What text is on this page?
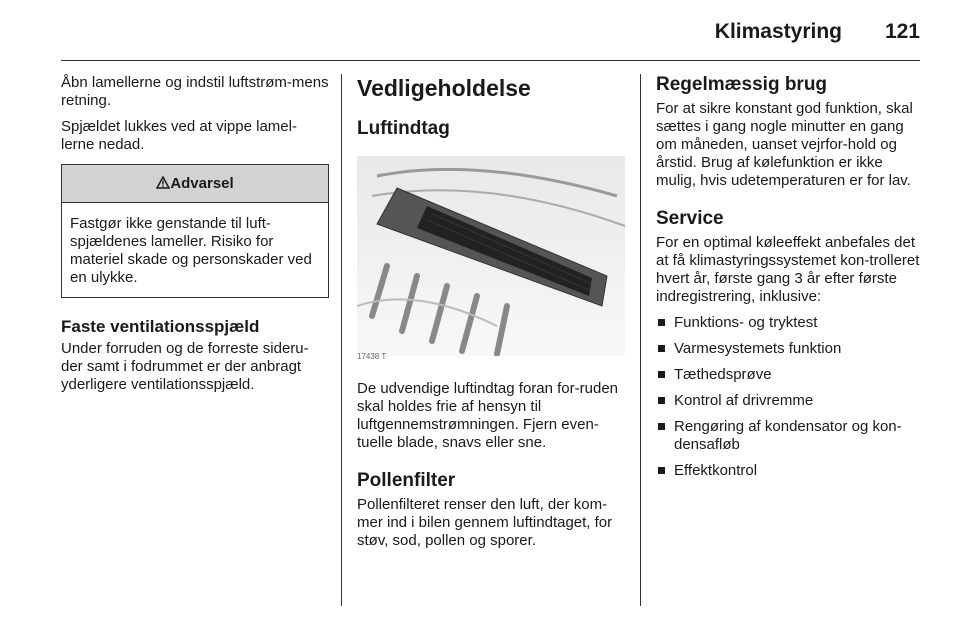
Klimastyring 121

Åbn lamellerne og indstil luftstrøm-mens retning.

Spjældet lukkes ved at vippe lamel-lerne nedad.

Advarsel
Fastgør ikke genstande til luft-spjældenes lameller. Risiko for materiel skade og personskader ved en ulykke.
Faste ventilationsspjæld

Under forruden og de forreste sideru-der samt i fodrummet er der anbragt yderligere ventilationsspjæld.

Vedligeholdelse
Luftindtag
17438 T

De udvendige luftindtag foran for-ruden skal holdes frie af hensyn til luftgennemstrømningen. Fjern even-tuelle blade, snavs eller sne.

Pollenfilter

Pollenfilteret renser den luft, der kom-mer ind i bilen gennem luftindtaget, for støv, sod, pollen og sporer.

Regelmæssig brug

For at sikre konstant god funktion, skal sættes i gang nogle minutter en gang om måneden, uanset vejrfor-hold og årstid. Brug af kølefunktion er ikke mulig, hvis udetemperaturen er for lav.

Service

For en optimal køleeffekt anbefales det at få klimastyringssystemet kon-trolleret hvert år, første gang 3 år efter første indregistrering, inklusive:

Funktions- og tryktest
Varmesystemets funktion
Tæthedsprøve
Kontrol af drivremme
Rengøring af kondensator og kon-densafløb
Effektkontrol
